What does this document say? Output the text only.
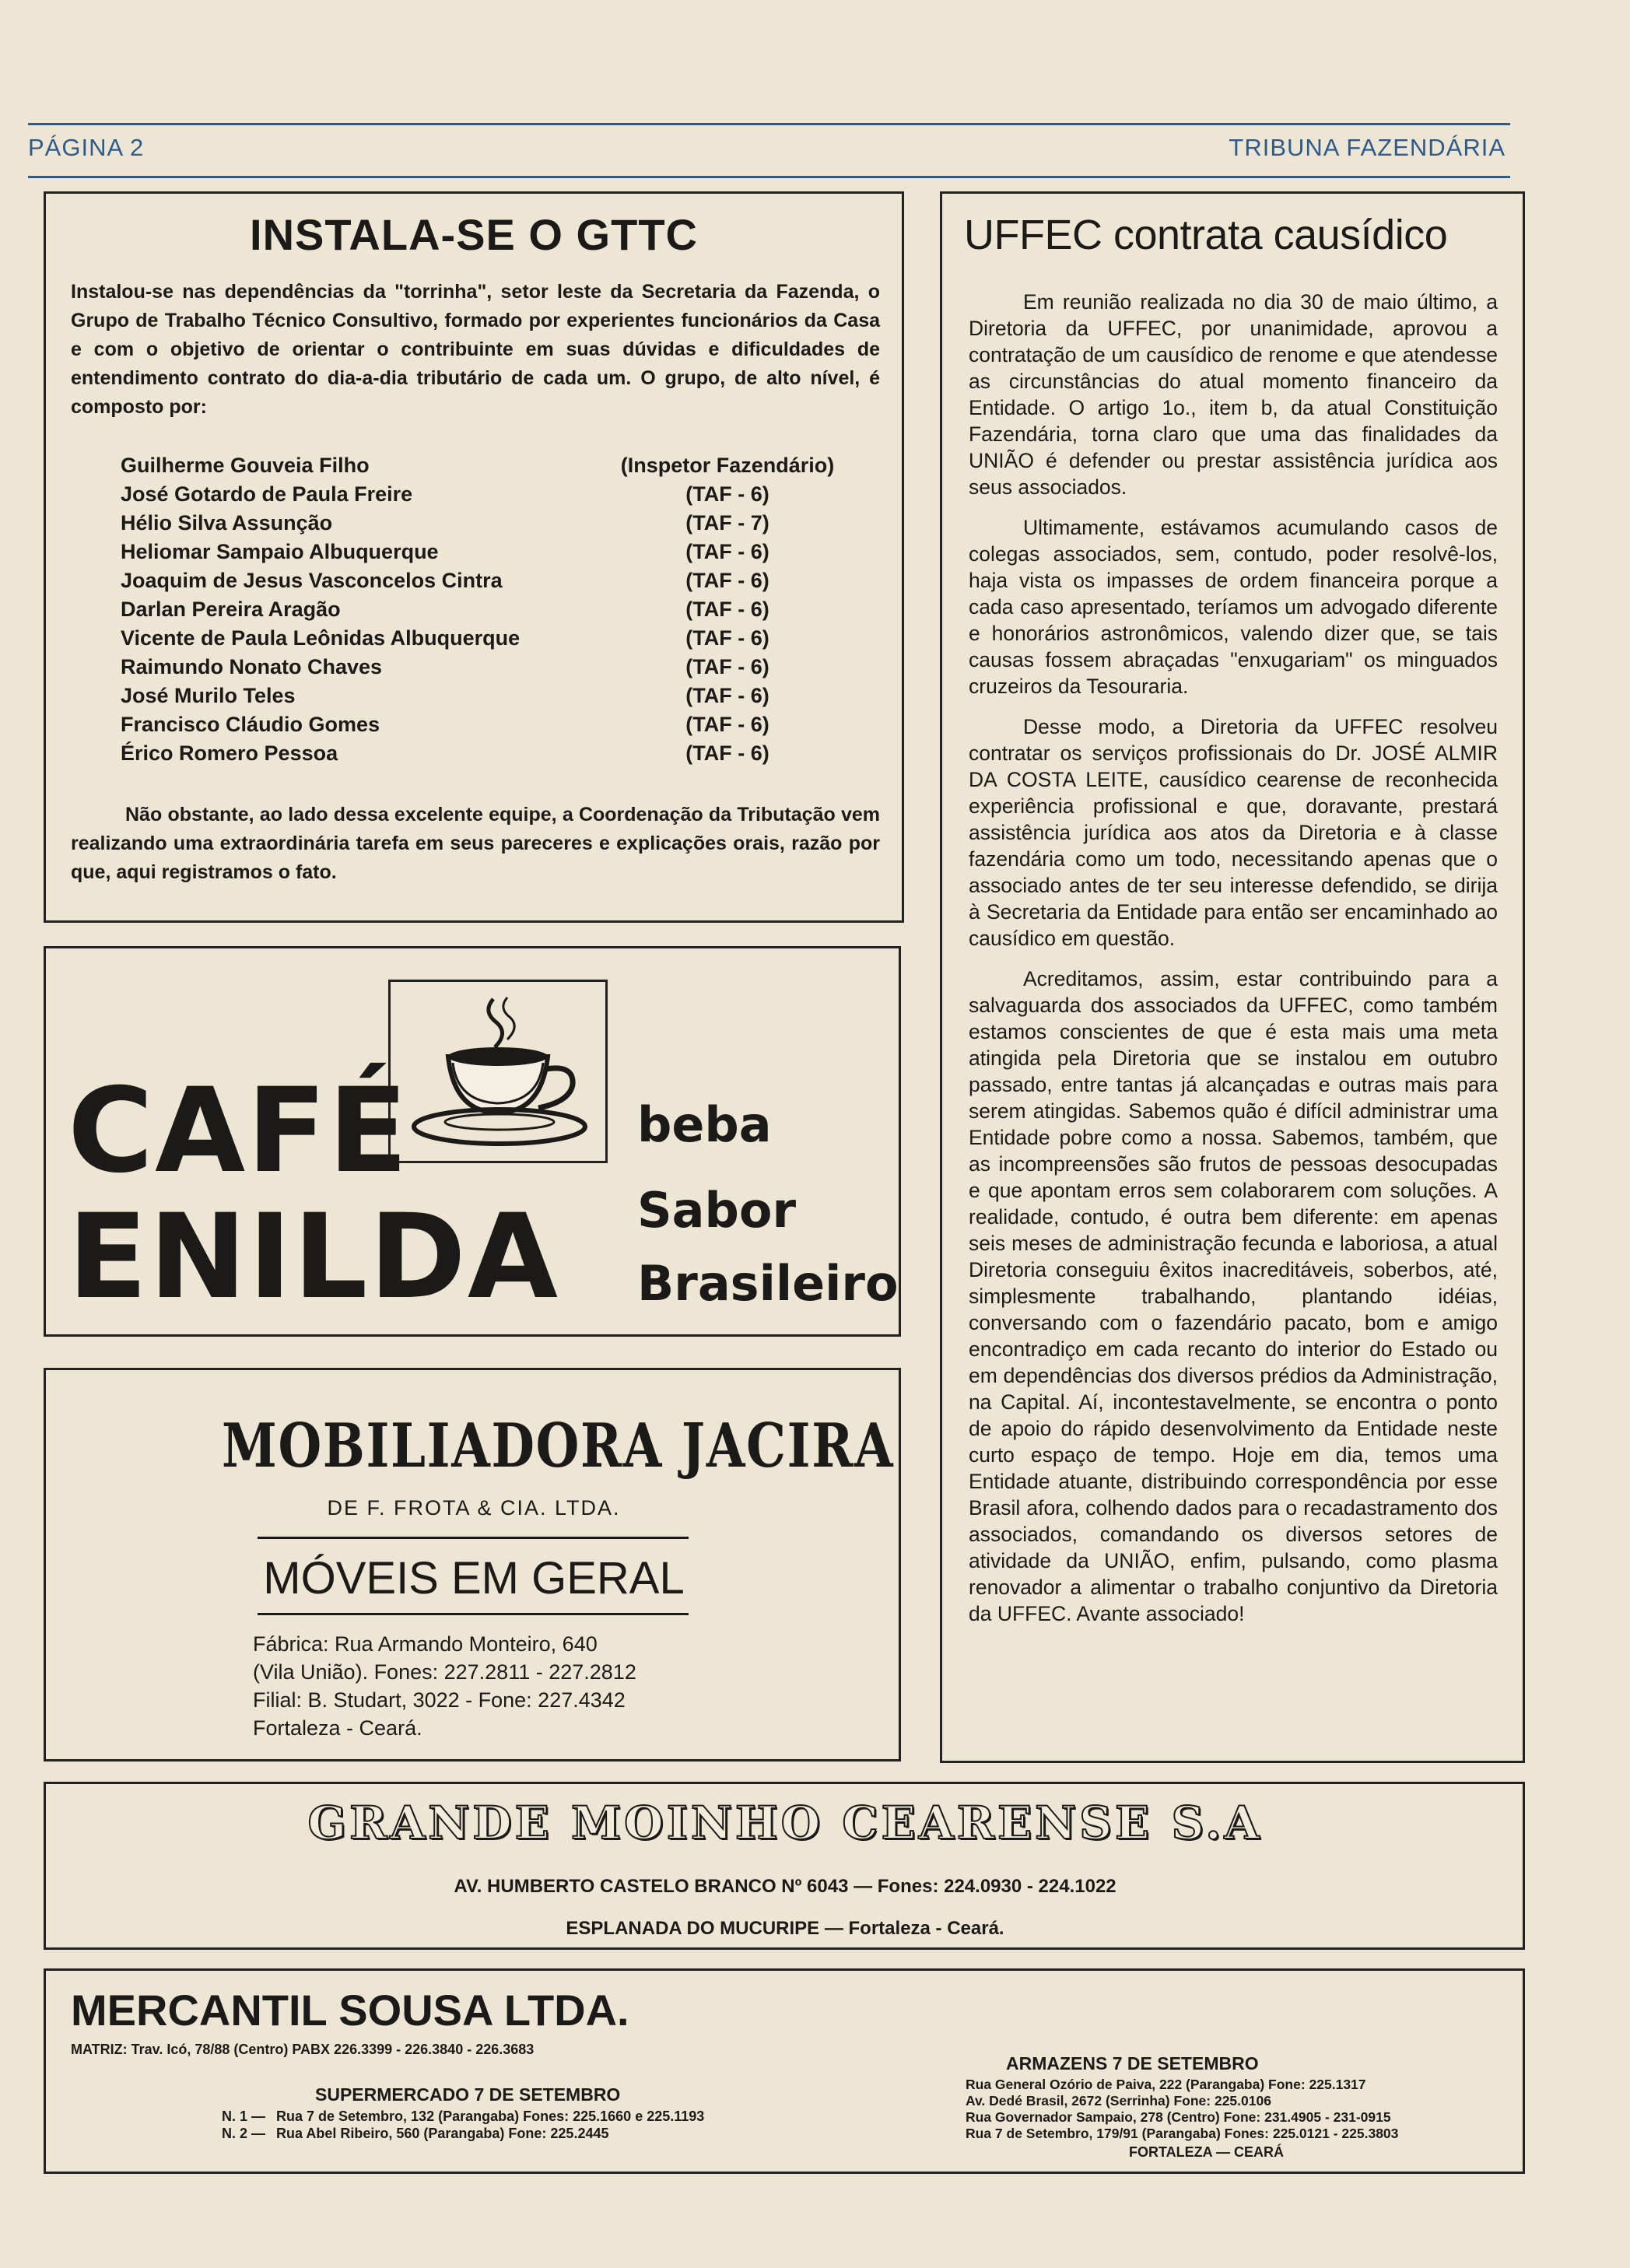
PÁGINA 2	TRIBUNA FAZENDÁRIA
INSTALA-SE O GTTC
Instalou-se nas dependências da "torrinha", setor leste da Secretaria da Fazenda, o Grupo de Trabalho Técnico Consultivo, formado por experientes funcionários da Casa e com o objetivo de orientar o contribuinte em suas dúvidas e dificuldades de entendimento contrato do dia-a-dia tributário de cada um. O grupo, de alto nível, é composto por:
Guilherme Gouveia Filho	(Inspetor Fazendário)
José Gotardo de Paula Freire	(TAF - 6)
Hélio Silva Assunção	(TAF - 7)
Heliomar Sampaio Albuquerque	(TAF - 6)
Joaquim de Jesus Vasconcelos Cintra	(TAF - 6)
Darlan Pereira Aragão	(TAF - 6)
Vicente de Paula Leônidas Albuquerque	(TAF - 6)
Raimundo Nonato Chaves	(TAF - 6)
José Murilo Teles	(TAF - 6)
Francisco Cláudio Gomes	(TAF - 6)
Érico Romero Pessoa	(TAF - 6)
Não obstante, ao lado dessa excelente equipe, a Coordenação da Tributação vem realizando uma extraordinária tarefa em seus pareceres e explicações orais, razão por que, aqui registramos o fato.
UFFEC contrata causídico

Em reunião realizada no dia 30 de maio último, a Diretoria da UFFEC, por unanimidade, aprovou a contratação de um causídico de renome e que atendesse as circunstâncias do atual momento financeiro da Entidade. O artigo 1o., item b, da atual Constituição Fazendária, torna claro que uma das finalidades da UNIÃO é defender ou prestar assistência jurídica aos seus associados.

Ultimamente, estávamos acumulando casos de colegas associados, sem, contudo, poder resolvê-los, haja vista os impasses de ordem financeira porque a cada caso apresentado, teríamos um advogado diferente e honorários astronômicos, valendo dizer que, se tais causas fossem abraçadas "enxugariam" os minguados cruzeiros da Tesouraria.

Desse modo, a Diretoria da UFFEC resolveu contratar os serviços profissionais do Dr. JOSÉ ALMIR DA COSTA LEITE, causídico cearense de reconhecida experiência profissional e que, doravante, prestará assistência jurídica aos atos da Diretoria e à classe fazendária como um todo, necessitando apenas que o associado antes de ter seu interesse defendido, se dirija à Secretaria da Entidade para então ser encaminhado ao causídico em questão.

Acreditamos, assim, estar contribuindo para a salvaguarda dos associados da UFFEC, como também estamos conscientes de que é esta mais uma meta atingida pela Diretoria que se instalou em outubro passado, entre tantas já alcançadas e outras mais para serem atingidas. Sabemos quão é difícil administrar uma Entidade pobre como a nossa. Sabemos, também, que as incompreensões são frutos de pessoas desocupadas e que apontam erros sem colaborarem com soluções. A realidade, contudo, é outra bem diferente: em apenas seis meses de administração fecunda e laboriosa, a atual Diretoria conseguiu êxitos inacreditáveis, soberbos, até, simplesmente trabalhando, plantando idéias, conversando com o fazendário pacato, bom e amigo encontradiço em cada recanto do interior do Estado ou em dependências dos diversos prédios da Administração, na Capital. Aí, incontestavelmente, se encontra o ponto de apoio do rápido desenvolvimento da Entidade neste curto espaço de tempo. Hoje em dia, temos uma Entidade atuante, distribuindo correspondência por esse Brasil afora, colhendo dados para o recadastramento dos associados, comandando os diversos setores de atividade da UNIÃO, enfim, pulsando, como plasma renovador a alimentar o trabalho conjuntivo da Diretoria da UFFEC. Avante associado!

CAFÉ
ENILDA
beba
Sabor
Brasileiro
MOBILIADORA JACIRA
DE F. FROTA & CIA. LTDA.
MÓVEIS EM GERAL
Fábrica: Rua Armando Monteiro, 640
(Vila União). Fones: 227.2811 - 227.2812
Filial: B. Studart, 3022 - Fone: 227.4342
Fortaleza - Ceará.
GRANDE MOINHO CEARENSE S.A
AV. HUMBERTO CASTELO BRANCO Nº 6043 — Fones: 224.0930 - 224.1022
ESPLANADA DO MUCURIPE — Fortaleza - Ceará.
MERCANTIL SOUSA LTDA.
MATRIZ: Trav. Icó, 78/88 (Centro) PABX 226.3399 - 226.3840 - 226.3683
SUPERMERCADO 7 DE SETEMBRO
N. 1 — Rua 7 de Setembro, 132 (Parangaba) Fones: 225.1660 e 225.1193
N. 2 — Rua Abel Ribeiro, 560 (Parangaba) Fone: 225.2445
ARMAZENS 7 DE SETEMBRO
Rua General Ozório de Paiva, 222 (Parangaba) Fone: 225.1317
Av. Dedé Brasil, 2672 (Serrinha) Fone: 225.0106
Rua Governador Sampaio, 278 (Centro) Fone: 231.4905 - 231-0915
Rua 7 de Setembro, 179/91 (Parangaba) Fones: 225.0121 - 225.3803
FORTALEZA — CEARÁ
